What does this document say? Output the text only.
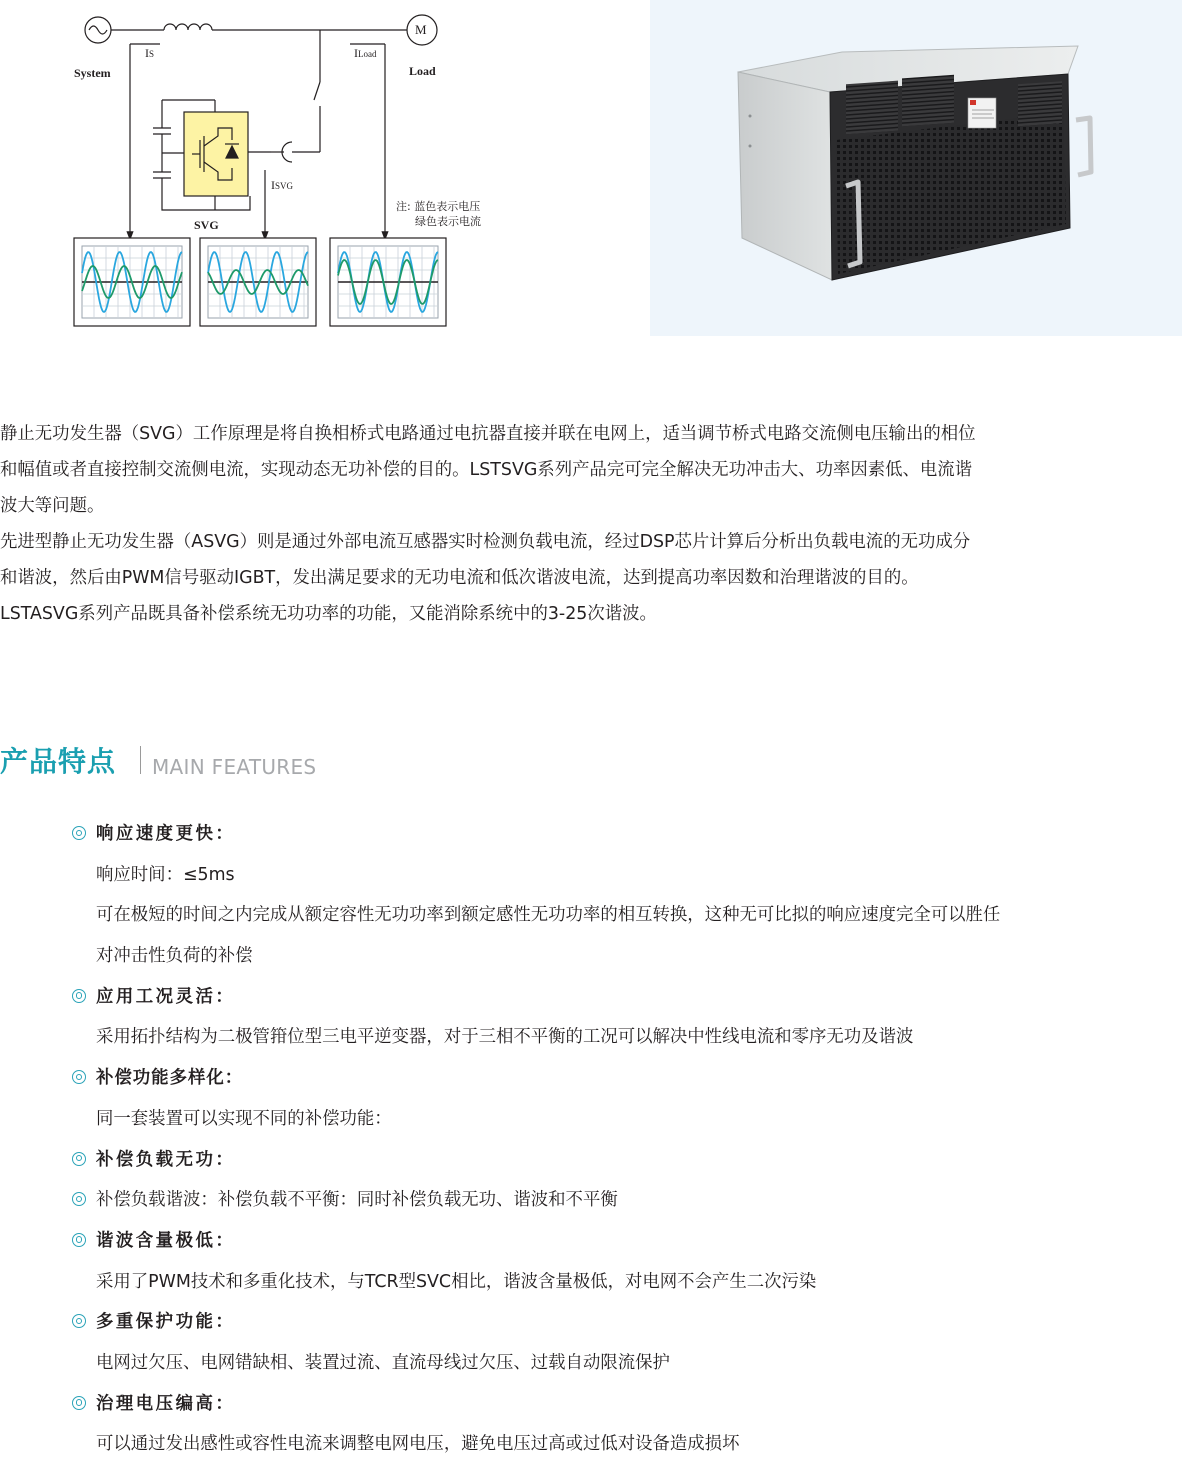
System	Load
SVG
M
IS	ILoad
ISVG
注: 蓝色表示电压
绿色表示电流

静止无功发生器（SVG）工作原理是将自换相桥式电路通过电抗器直接并联在电网上，适当调节桥式电路交流侧电压输出的相位
和幅值或者直接控制交流侧电流，实现动态无功补偿的目的。LSTSVG系列产品完可完全解决无功冲击大、功率因素低、电流谐
波大等问题。

先进型静止无功发生器（ASVG）则是通过外部电流互感器实时检测负载电流，经过DSP芯片计算后分析出负载电流的无功成分
和谐波，然后由PWM信号驱动IGBT，发出满足要求的无功电流和低次谐波电流，达到提高功率因数和治理谐波的目的。
LSTASVG系列产品既具备补偿系统无功功率的功能，又能消除系统中的3-25次谐波。

产品特点 MAIN FEATURES
响应速度更快：
响应时间：≤5ms
可在极短的时间之内完成从额定容性无功功率到额定感性无功功率的相互转换，这种无可比拟的响应速度完全可以胜任
对冲击性负荷的补偿
应用工况灵活：
采用拓扑结构为二极管箝位型三电平逆变器，对于三相不平衡的工况可以解决中性线电流和零序无功及谐波
补偿功能多样化：
同一套装置可以实现不同的补偿功能：
补偿负载无功：
补偿负载谐波：补偿负载不平衡：同时补偿负载无功、谐波和不平衡
谐波含量极低：
采用了PWM技术和多重化技术，与TCR型SVC相比，谐波含量极低，对电网不会产生二次污染
多重保护功能：
电网过欠压、电网错缺相、装置过流、直流母线过欠压、过载自动限流保护
治理电压编高：
可以通过发出感性或容性电流来调整电网电压，避免电压过高或过低对设备造成损坏
